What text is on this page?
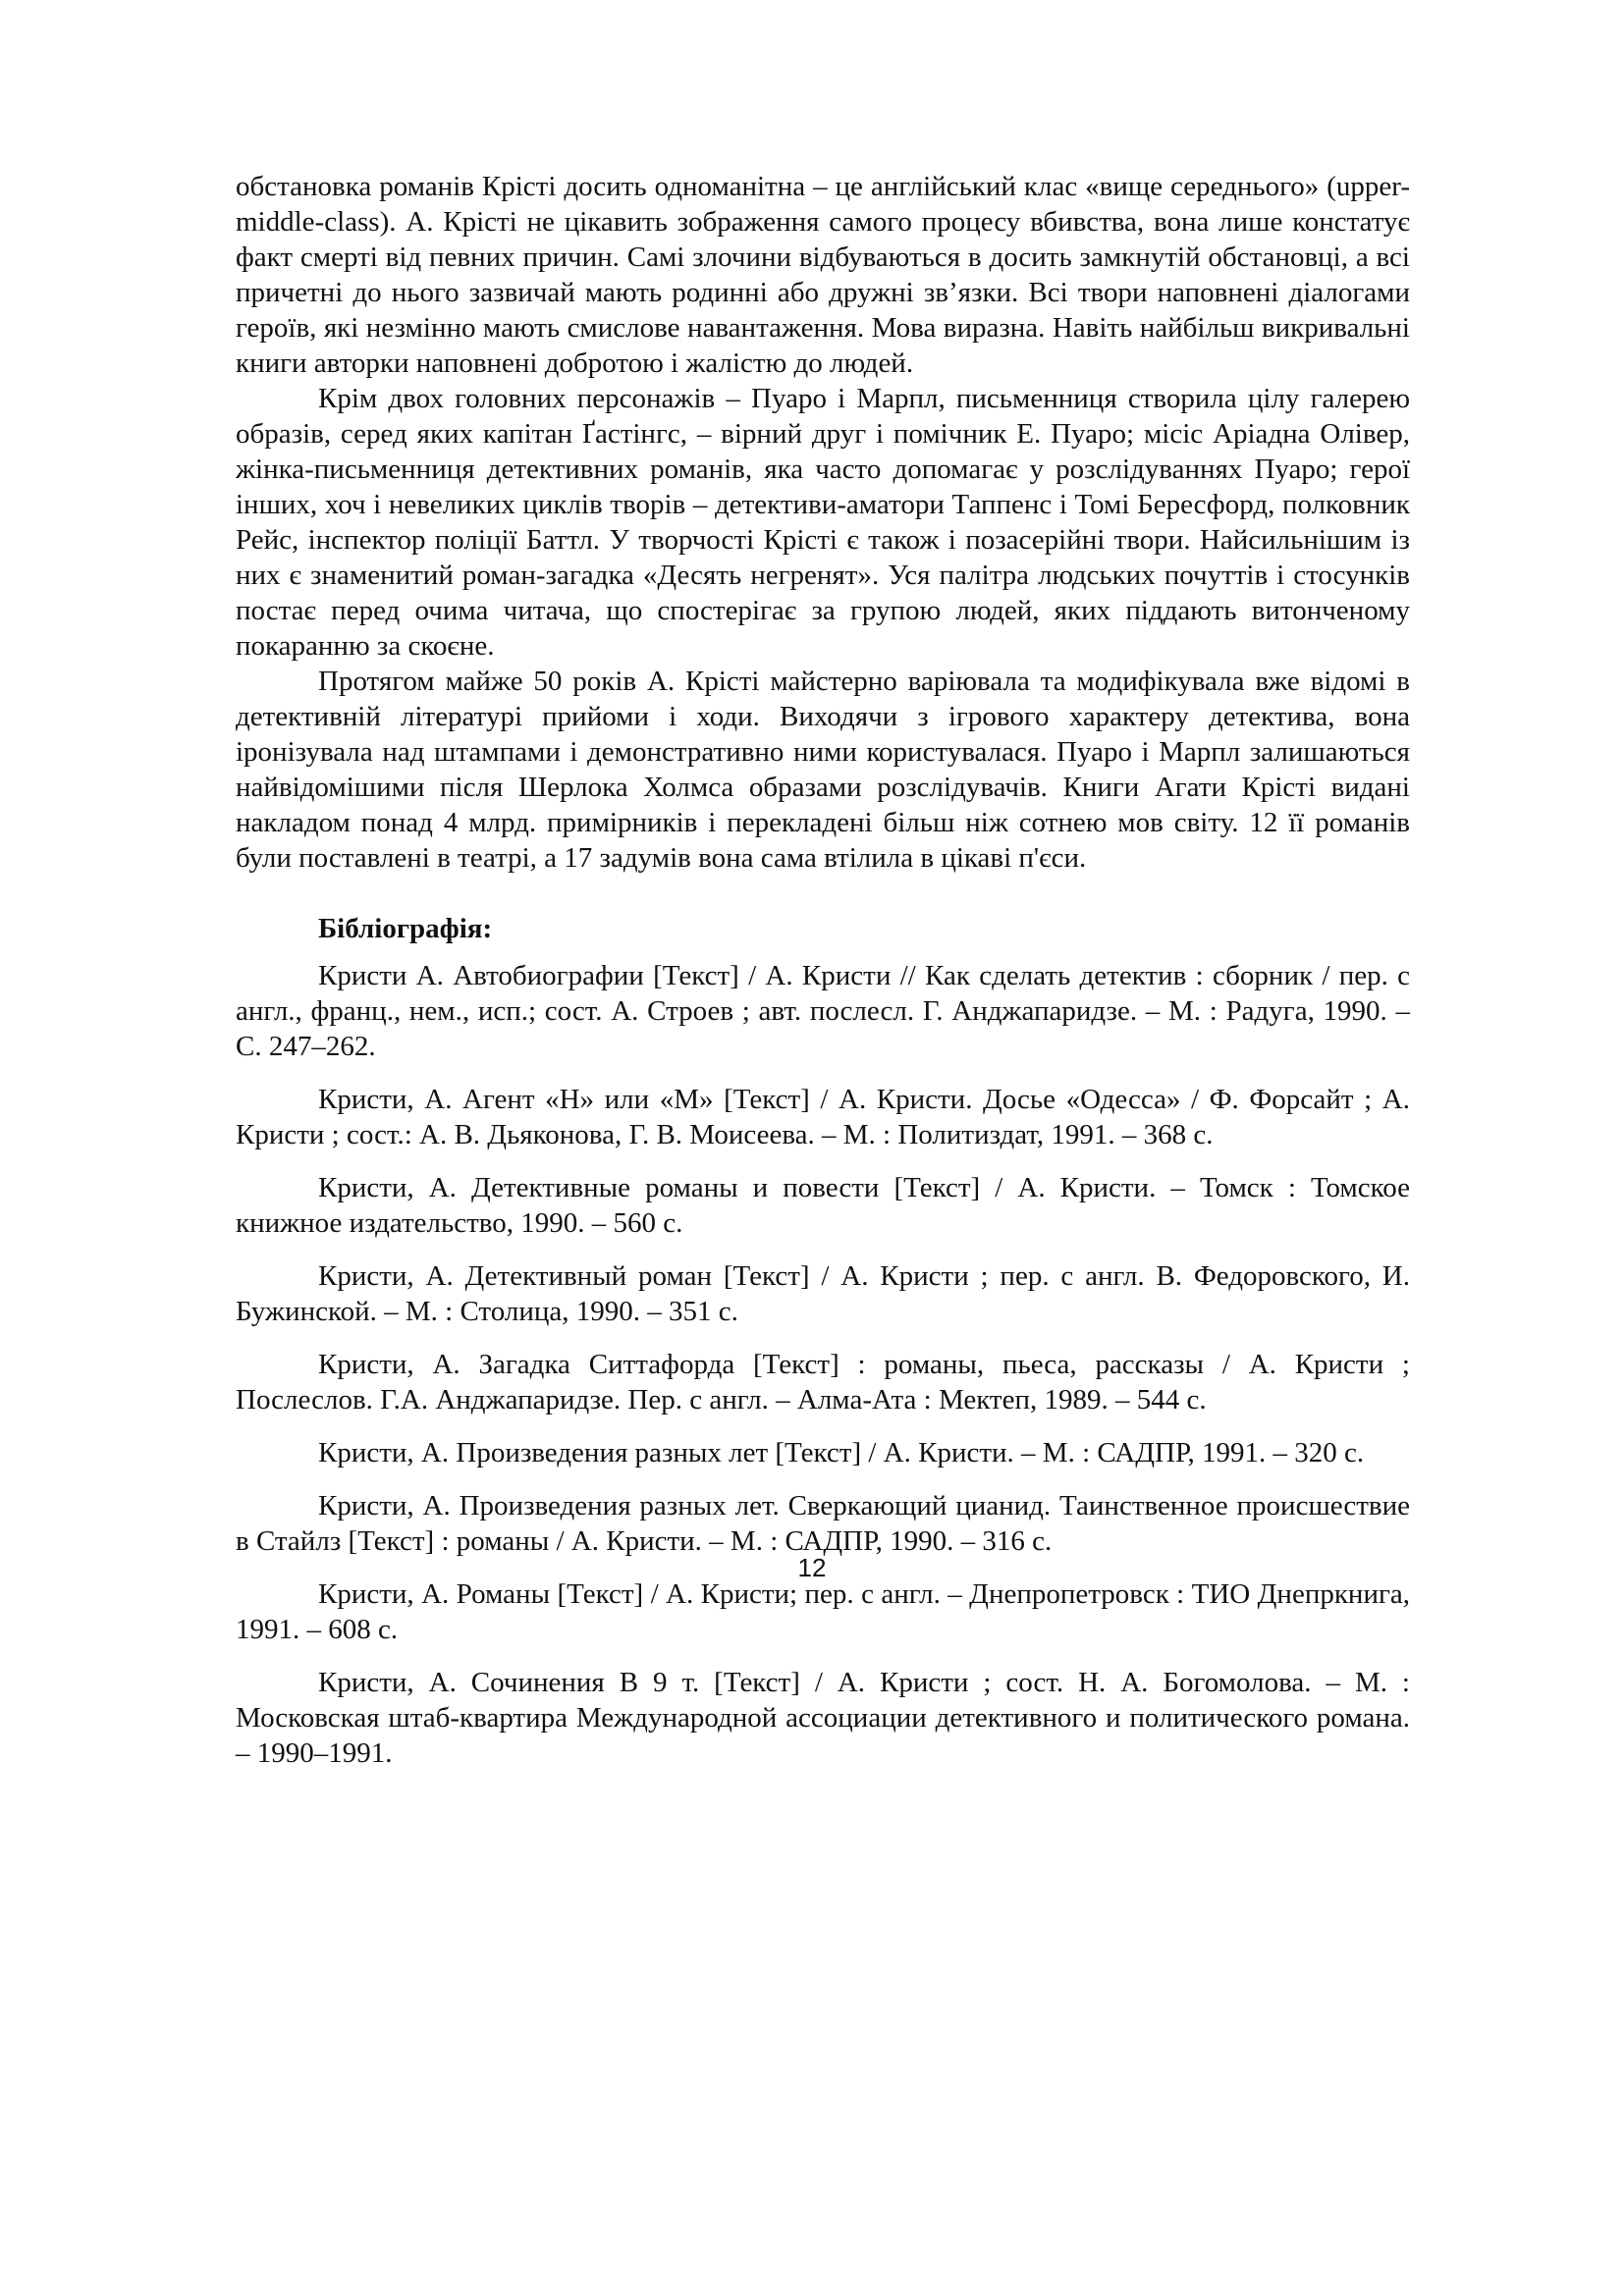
обстановка романів Крісті досить одноманітна – це англійський клас «вище середнього» (upper-middle-class). А. Крісті не цікавить зображення самого процесу вбивства, вона лише констатує факт смерті від певних причин. Самі злочини відбуваються в досить замкнутій обстановці, а всі причетні до нього зазвичай мають родинні або дружні зв’язки. Всі твори наповнені діалогами героїв, які незмінно мають смислове навантаження. Мова виразна. Навіть найбільш викривальні книги авторки наповнені добротою і жалістю до людей.

Крім двох головних персонажів – Пуаро і Марпл, письменниця створила цілу галерею образів, серед яких капітан Ґастінгс, – вірний друг і помічник Е. Пуаро; місіс Аріадна Олівер, жінка-письменниця детективних романів, яка часто допомагає у розслідуваннях Пуаро; герої інших, хоч і невеликих циклів творів – детективи-аматори Таппенс і Томі Бересфорд, полковник Рейс, інспектор поліції Баттл. У творчості Крісті є також і позасерійні твори. Найсильнішим із них є знаменитий роман-загадка «Десять негренят». Уся палітра людських почуттів і стосунків постає перед очима читача, що спостерігає за групою людей, яких піддають витонченому покаранню за скоєне.

Протягом майже 50 років А. Крісті майстерно варіювала та модифікувала вже відомі в детективній літературі прийоми і ходи. Виходячи з ігрового характеру детектива, вона іронізувала над штампами і демонстративно ними користувалася. Пуаро і Марпл залишаються найвідомішими після Шерлока Холмса образами розслідувачів. Книги Агати Крісті видані накладом понад 4 млрд. примірників і перекладені більш ніж сотнею мов світу. 12 її романів були поставлені в театрі, а 17 задумів вона сама втілила в цікаві п'єси.

Бібліографія:

Кристи А. Автобиографии [Текст] / А. Кристи // Как сделать детектив : сборник / пер. с англ., франц., нем., исп.; сост. А. Строев ; авт. послесл. Г. Анджапаридзе. – М. : Радуга, 1990. – С. 247–262.

Кристи, А. Агент «Н» или «М» [Текст] / А. Кристи. Досье «Одесса» / Ф. Форсайт ; А. Кристи ; сост.: А. В. Дьяконова, Г. В. Моисеева. – М. : Политиздат, 1991. – 368 с.

Кристи, А. Детективные романы и повести [Текст] / А. Кристи. – Томск : Томское книжное издательство, 1990. – 560 с.

Кристи, А. Детективный роман [Текст] / А. Кристи ; пер. с англ. В. Федоровского, И. Бужинской. – М. : Столица, 1990. – 351 с.

Кристи, А. Загадка Ситтафорда [Текст] : романы, пьеса, рассказы / А. Кристи ; Послеслов. Г.А. Анджапаридзе. Пер. с англ. – Алма-Ата : Мектеп, 1989. – 544 с.

Кристи, А. Произведения разных лет [Текст] / А. Кристи. – М. : САДПР, 1991. – 320 с.

Кристи, А. Произведения разных лет. Сверкающий цианид. Таинственное происшествие в Стайлз [Текст] : романы / А. Кристи. – М. : САДПР, 1990. – 316 с.

Кристи, А. Романы [Текст] / А. Кристи; пер. с англ. – Днепропетровск : ТИО Днепркнига, 1991. – 608 с.

Кристи, А. Сочинения В 9 т. [Текст] / А. Кристи ; сост. Н. А. Богомолова. – М. : Московская штаб-квартира Международной ассоциации детективного и политического романа. – 1990–1991.

12
